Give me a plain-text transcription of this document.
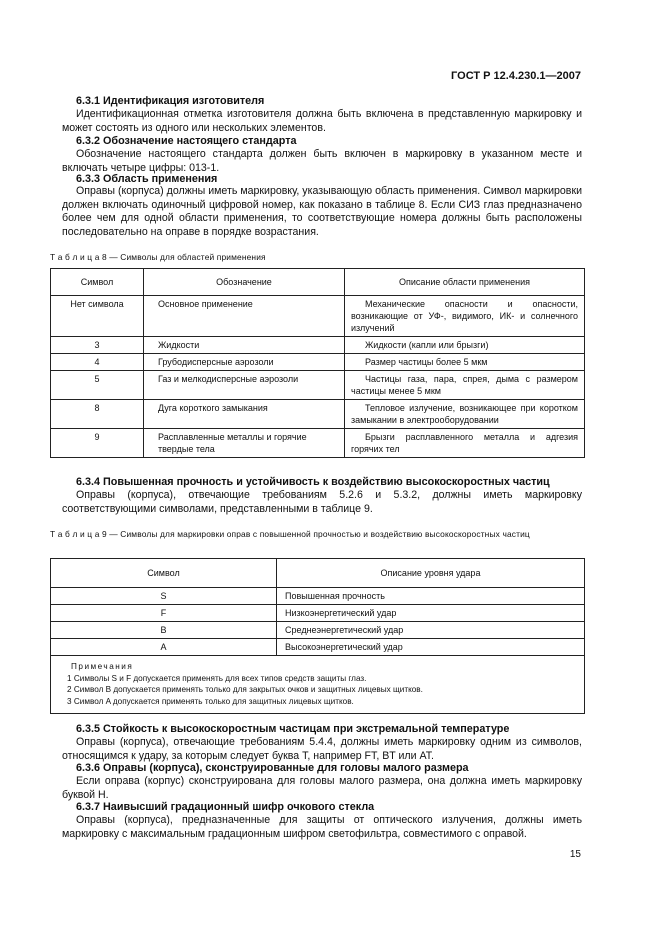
ГОСТ Р 12.4.230.1—2007
6.3.1 Идентификация изготовителя
Идентификационная отметка изготовителя должна быть включена в представленную маркировку и может состоять из одного или нескольких элементов.
6.3.2 Обозначение настоящего стандарта
Обозначение настоящего стандарта должен быть включен в маркировку в указанном месте и включать четыре цифры: 013-1.
6.3.3 Область применения
Оправы (корпуса) должны иметь маркировку, указывающую область применения. Символ маркировки должен включать одиночный цифровой номер, как показано в таблице 8. Если СИЗ глаз предназначено более чем для одной области применения, то соответствующие номера должны быть расположены последовательно на оправе в порядке возрастания.
Т а б л и ц а 8 — Символы для областей применения
Символ	Обозначение	Описание области применения
Нет символа	Основное применение	Механические опасности и опасности, возникающие от УФ-, видимого, ИК- и солнечного излучений
3	Жидкости	Жидкости (капли или брызги)
4	Грубодисперсные аэрозоли	Размер частицы более 5 мкм
5	Газ и мелкодисперсные аэрозоли	Частицы газа, пара, спрея, дыма с размером частицы менее 5 мкм
8	Дуга короткого замыкания	Тепловое излучение, возникающее при коротком замыкании в электрооборудовании
9	Расплавленные металлы и горячие твердые тела	Брызги расплавленного металла и адгезия горячих тел
6.3.4 Повышенная прочность и устойчивость к воздействию высокоскоростных частиц
Оправы (корпуса), отвечающие требованиям 5.2.6 и 5.3.2, должны иметь маркировку соответствующими символами, представленными в таблице 9.
Т а б л и ц а 9 — Символы для маркировки оправ с повышенной прочностью и воздействию высокоскоростных частиц
Символ	Описание уровня удара
S	Повышенная прочность
F	Низкоэнергетический удар
B	Среднеэнергетический удар
A	Высокоэнергетический удар

Примечания
1 Символы S и F допускается применять для всех типов средств защиты глаз.
2 Символ B допускается применять только для закрытых очков и защитных лицевых щитков.
3 Символ A допускается применять только для защитных лицевых щитков.	
6.3.5 Стойкость к высокоскоростным частицам при экстремальной температуре
Оправы (корпуса), отвечающие требованиям 5.4.4, должны иметь маркировку одним из символов, относящимся к удару, за которым следует буква Т, например FT, BT или AT.
6.3.6 Оправы (корпуса), сконструированные для головы малого размера
Если оправа (корпус) сконструирована для головы малого размера, она должна иметь маркировку буквой H.
6.3.7 Наивысший градационный шифр очкового стекла
Оправы (корпуса), предназначенные для защиты от оптического излучения, должны иметь маркировку с максимальным градационным шифром светофильтра, совместимого с оправой.
15
